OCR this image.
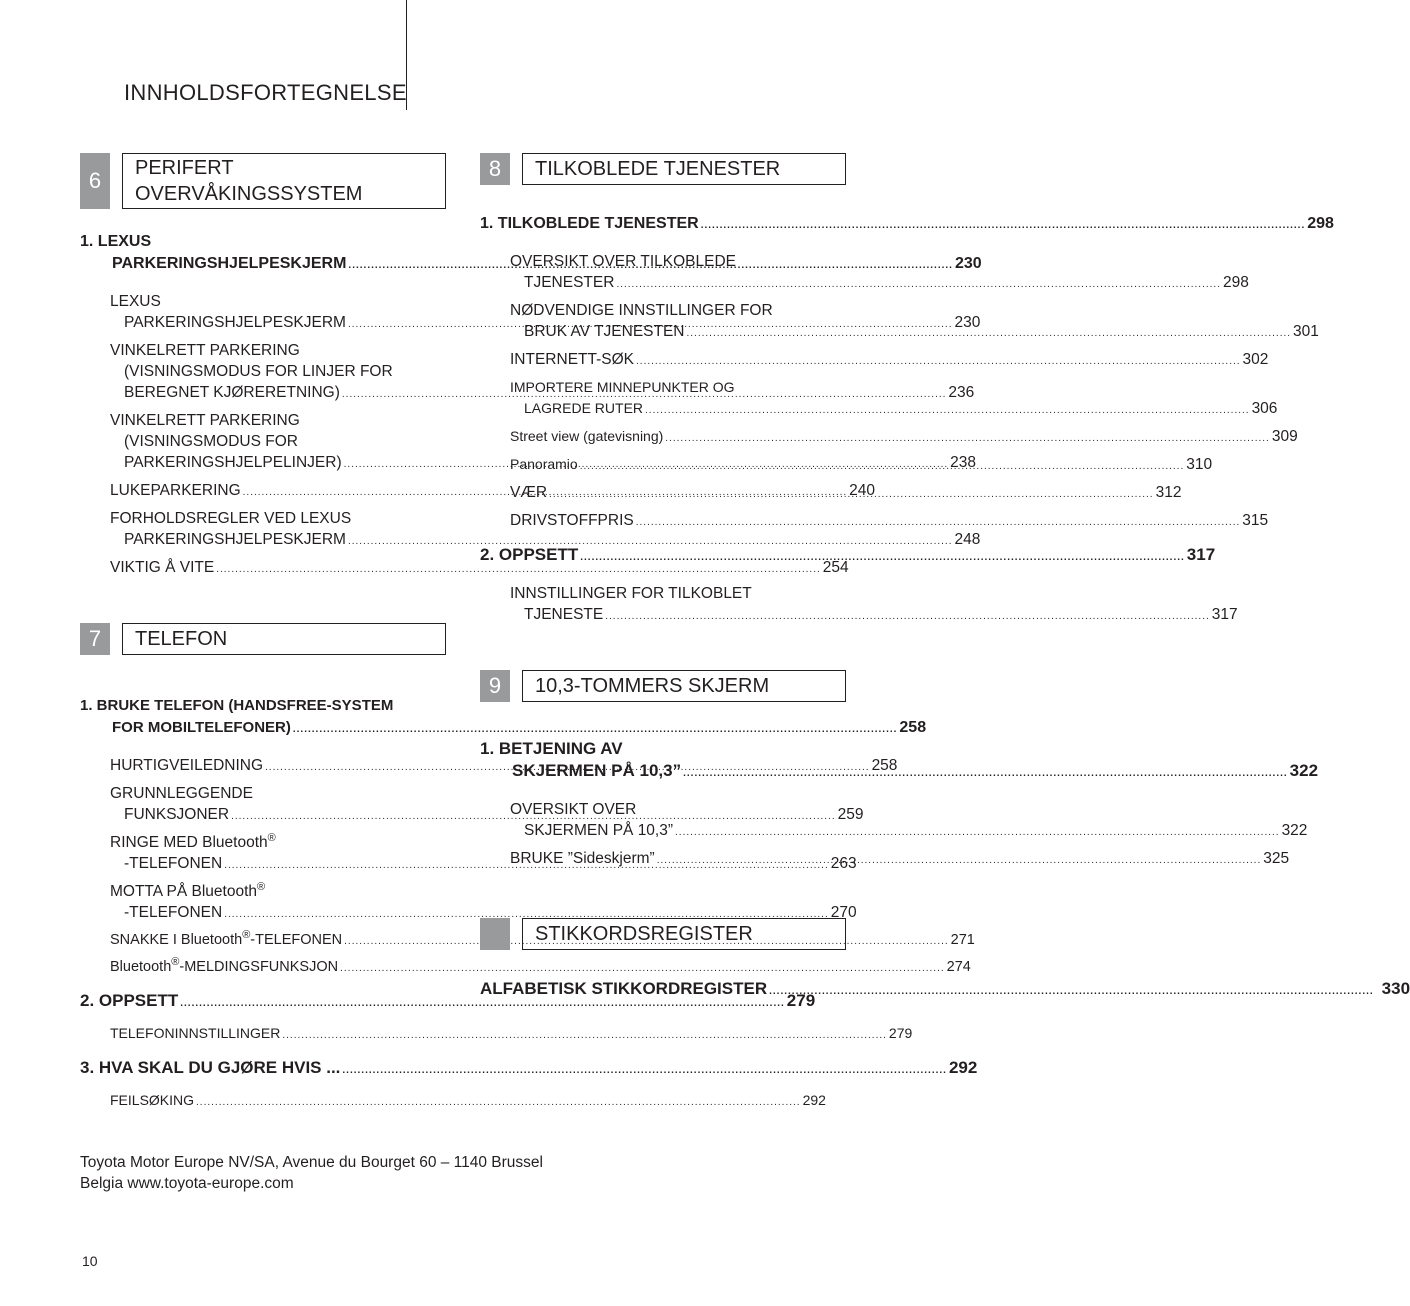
INNHOLDSFORTEGNELSE
6	PERIFERT
OVERVÅKINGSSYSTEM
1. LEXUS
PARKERINGSHJELPESKJERM .....	230
LEXUS
PARKERINGSHJELPESKJERM .....	230
VINKELRETT PARKERING
(VISNINGSMODUS FOR LINJER FOR
BEREGNET KJØRERETNING) .....	236
VINKELRETT PARKERING
(VISNINGSMODUS FOR
PARKERINGSHJELPELINJER) .....	238
LUKEPARKERING .....	240
FORHOLDSREGLER VED LEXUS
PARKERINGSHJELPESKJERM .....	248
VIKTIG Å VITE .....	254
7	TELEFON
1. BRUKE TELEFON (HANDSFREE-SYSTEM
FOR MOBILTELEFONER) .....	258
HURTIGVEILEDNING .....	258
GRUNNLEGGENDE
FUNKSJONER .....	259
RINGE MED Bluetooth®
-TELEFONEN .....	263
MOTTA PÅ Bluetooth®
-TELEFONEN .....	270
SNAKKE I Bluetooth®-TELEFONEN .....	271
Bluetooth®-MELDINGSFUNKSJON .....	274
2. OPPSETT .....	279
TELEFONINNSTILLINGER .....	279
3. HVA SKAL DU GJØRE HVIS ... .....	292
FEILSØKING .....	292
8	TILKOBLEDE TJENESTER
1. TILKOBLEDE TJENESTER .....	298
OVERSIKT OVER TILKOBLEDE
TJENESTER .....	298
NØDVENDIGE INNSTILLINGER FOR
BRUK AV TJENESTEN .....	301
INTERNETT-SØK .....	302
IMPORTERE MINNEPUNKTER OG
LAGREDE RUTER .....	306
Street view (gatevisning) .....	309
Panoramio .....	310
VÆR .....	312
DRIVSTOFFPRIS .....	315
2. OPPSETT .....	317
INNSTILLINGER FOR TILKOBLET
TJENESTE .....	317
9	10,3-TOMMERS SKJERM
1. BETJENING AV
SKJERMEN PÅ 10,3” .....	322
OVERSIKT OVER
SKJERMEN PÅ 10,3” .....	322
BRUKE ”Sideskjerm” .....	325
STIKKORDSREGISTER
ALFABETISK STIKKORDREGISTER .....	330
Toyota Motor Europe NV/SA, Avenue du Bourget 60 – 1140 Brussel
Belgia www.toyota-europe.com
10
